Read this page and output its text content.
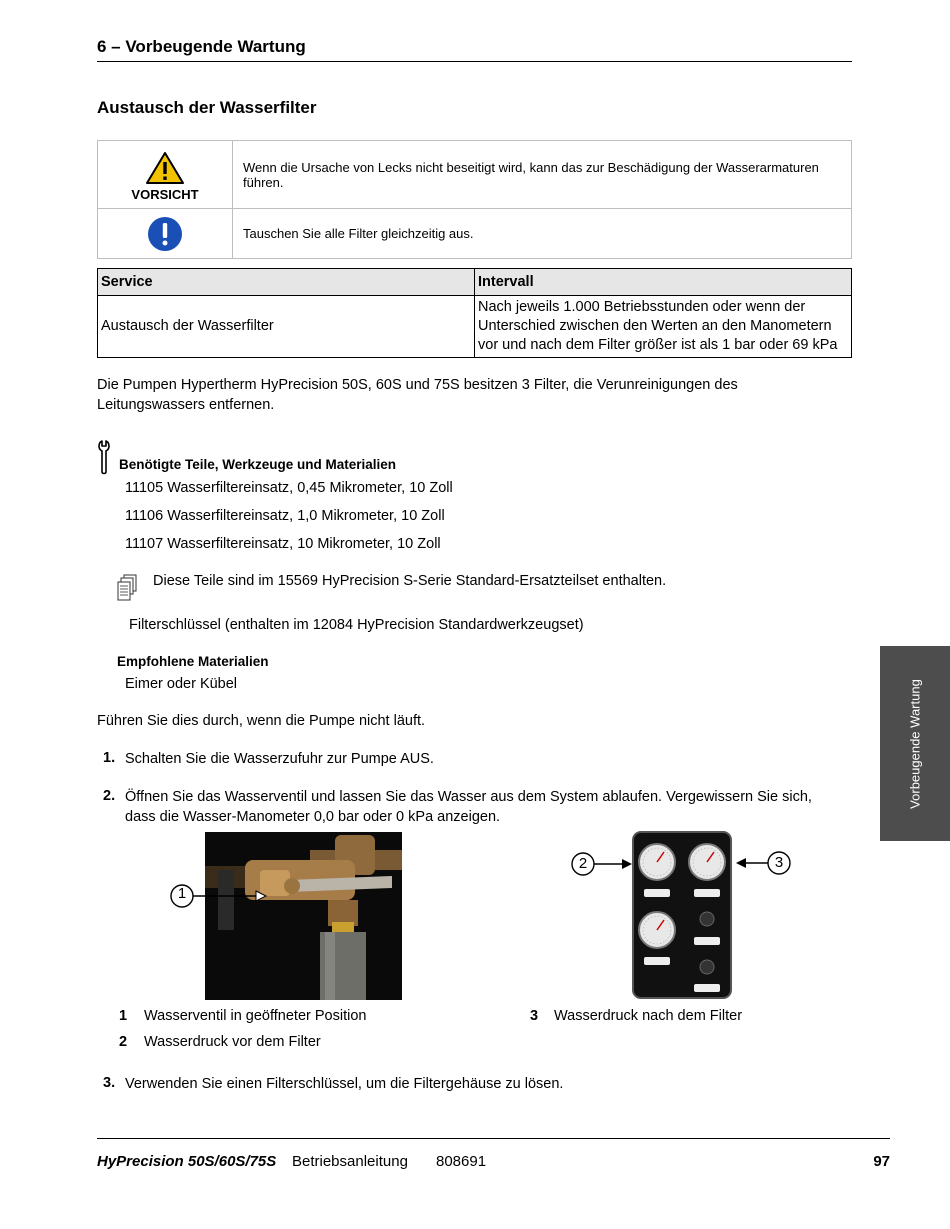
6 – Vorbeugende Wartung
Austausch der Wasserfilter
VORSICHT	Wenn die Ursache von Lecks nicht beseitigt wird, kann das zur Beschädigung der Wasserarmaturen führen.

	Tauschen Sie alle Filter gleichzeitig aus.
Service	Intervall
Austausch der Wasserfilter	Nach jeweils 1.000 Betriebsstunden oder wenn der Unterschied zwischen den Werten an den Manometern vor und nach dem Filter größer ist als 1 bar oder 69 kPa
Die Pumpen Hypertherm HyPrecision 50S, 60S und 75S besitzen 3 Filter, die Verunreinigungen des Leitungswassers entfernen.
Benötigte Teile, Werkzeuge und Materialien
11105 Wasserfiltereinsatz, 0,45 Mikrometer, 10 Zoll
11106 Wasserfiltereinsatz, 1,0 Mikrometer, 10 Zoll
11107 Wasserfiltereinsatz, 10 Mikrometer, 10 Zoll
Diese Teile sind im 15569 HyPrecision S-Serie Standard-Ersatzteilset enthalten.
Filterschlüssel (enthalten im 12084 HyPrecision Standardwerkzeugset)
Empfohlene Materialien
Eimer oder Kübel
Führen Sie dies durch, wenn die Pumpe nicht läuft.
1. Schalten Sie die Wasserzufuhr zur Pumpe AUS.
2. Öffnen Sie das Wasserventil und lassen Sie das Wasser aus dem System ablaufen. Vergewissern Sie sich, dass die Wasser-Manometer 0,0 bar oder 0 kPa anzeigen.
1
2	3
1 Wasserventil in geöffneter Position
2 Wasserdruck vor dem Filter
3 Wasserdruck nach dem Filter
3. Verwenden Sie einen Filterschlüssel, um die Filtergehäuse zu lösen.
Vorbeugende Wartung
HyPrecision 50S/60S/75S Betriebsanleitung 808691	97
